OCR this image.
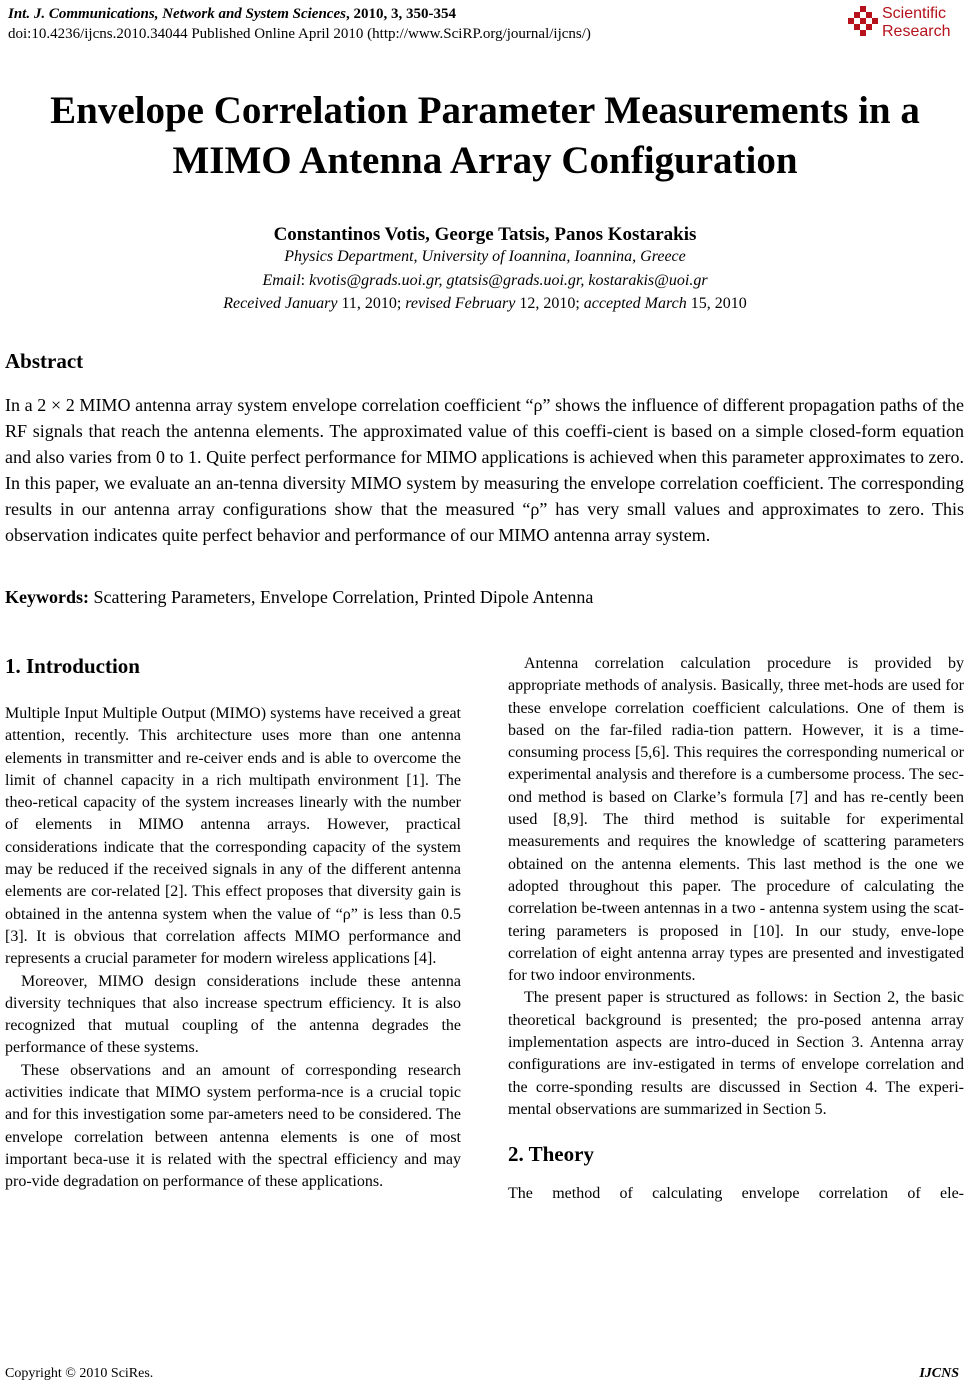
Int. J. Communications, Network and System Sciences, 2010, 3, 350-354
doi:10.4236/ijcns.2010.34044 Published Online April 2010 (http://www.SciRP.org/journal/ijcns/)
Scientific
Research
Envelope Correlation Parameter Measurements in a
MIMO Antenna Array Configuration
Constantinos Votis, George Tatsis, Panos Kostarakis
Physics Department, University of Ioannina, Ioannina, Greece
Email: kvotis@grads.uoi.gr, gtatsis@grads.uoi.gr, kostarakis@uoi.gr
Received January 11, 2010; revised February 12, 2010; accepted March 15, 2010
Abstract
In a 2 × 2 MIMO antenna array system envelope correlation coefficient “ρ” shows the influence of different propagation paths of the RF signals that reach the antenna elements. The approximated value of this coeffi-cient is based on a simple closed-form equation and also varies from 0 to 1. Quite perfect performance for MIMO applications is achieved when this parameter approximates to zero. In this paper, we evaluate an an-tenna diversity MIMO system by measuring the envelope correlation coefficient. The corresponding results in our antenna array configurations show that the measured “ρ” has very small values and approximates to zero. This observation indicates quite perfect behavior and performance of our MIMO antenna array system.
Keywords: Scattering Parameters, Envelope Correlation, Printed Dipole Antenna
1. Introduction

Multiple Input Multiple Output (MIMO) systems have received a great attention, recently. This architecture uses more than one antenna elements in transmitter and re-ceiver ends and is able to overcome the limit of channel capacity in a rich multipath environment [1]. The theo-retical capacity of the system increases linearly with the number of elements in MIMO antenna arrays. However, practical considerations indicate that the corresponding capacity of the system may be reduced if the received signals in any of the different antenna elements are cor-related [2]. This effect proposes that diversity gain is obtained in the antenna system when the value of “ρ” is less than 0.5 [3]. It is obvious that correlation affects MIMO performance and represents a crucial parameter for modern wireless applications [4].

Moreover, MIMO design considerations include these antenna diversity techniques that also increase spectrum efficiency. It is also recognized that mutual coupling of the antenna degrades the performance of these systems.

These observations and an amount of corresponding research activities indicate that MIMO system performa-nce is a crucial topic and for this investigation some par-ameters need to be considered. The envelope correlation between antenna elements is one of most important beca-use it is related with the spectral efficiency and may pro-vide degradation on performance of these applications.

Antenna correlation calculation procedure is provided by appropriate methods of analysis. Basically, three met-hods are used for these envelope correlation coefficient calculations. One of them is based on the far-filed radia-tion pattern. However, it is a time-consuming process [5,6]. This requires the corresponding numerical or experimental analysis and therefore is a cumbersome process. The sec-ond method is based on Clarke’s formula [7] and has re-cently been used [8,9]. The third method is suitable for experimental measurements and requires the knowledge of scattering parameters obtained on the antenna elements. This last method is the one we adopted throughout this paper. The procedure of calculating the correlation be-tween antennas in a two - antenna system using the scat-tering parameters is proposed in [10]. In our study, enve-lope correlation of eight antenna array types are presented and investigated for two indoor environments.

The present paper is structured as follows: in Section 2, the basic theoretical background is presented; the pro-posed antenna array implementation aspects are intro-duced in Section 3. Antenna array configurations are inv-estigated in terms of envelope correlation and the corre-sponding results are discussed in Section 4. The experi-mental observations are summarized in Section 5.

2. Theory

The method of calculating envelope correlation of ele-

Copyright © 2010 SciRes.	IJCNS
